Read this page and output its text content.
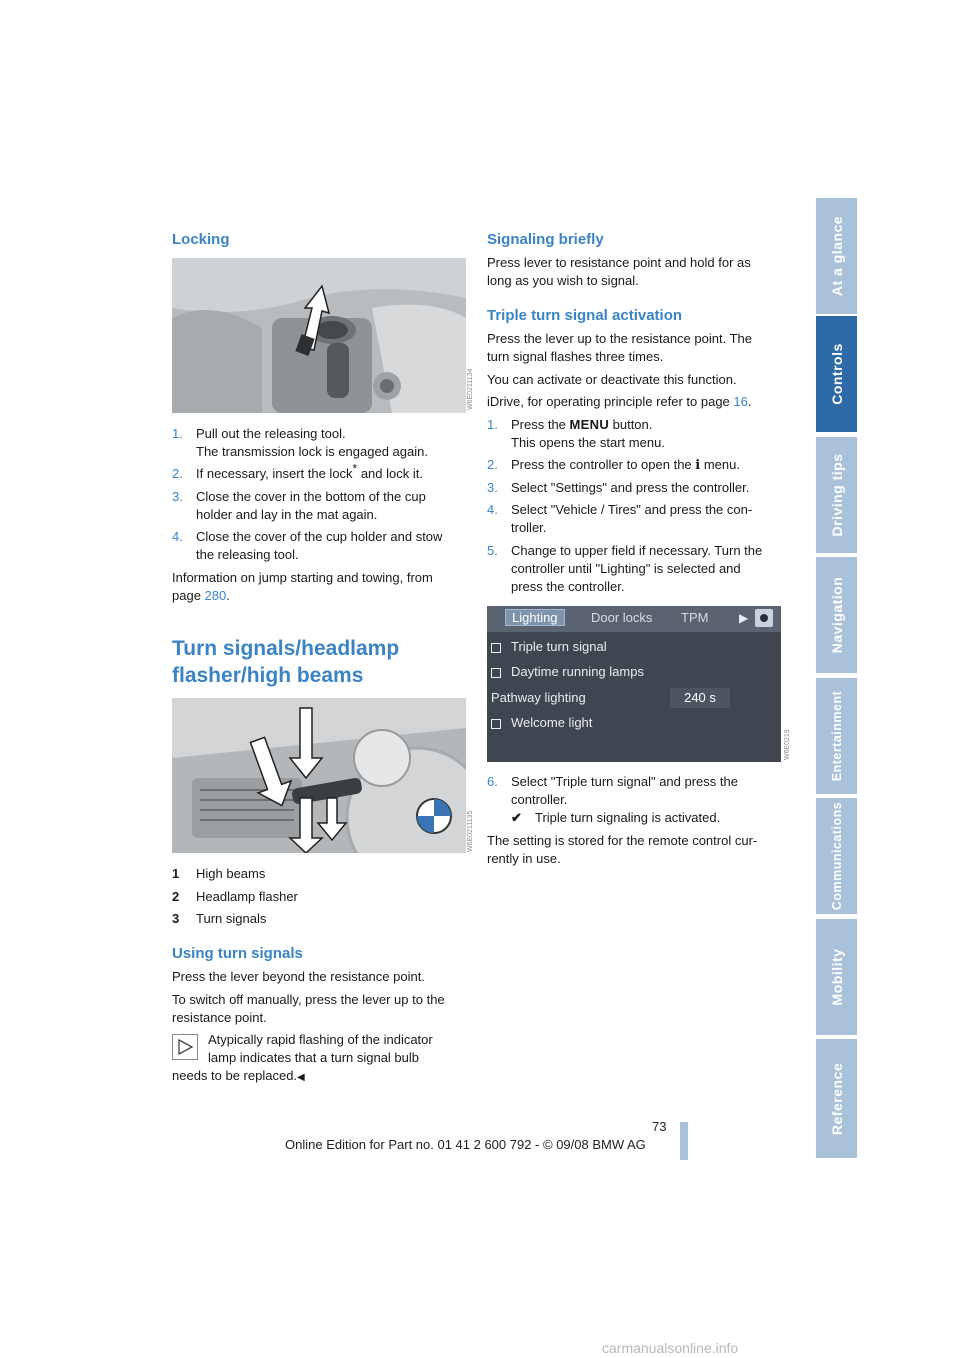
At a glance
Controls
Driving tips
Navigation
Entertainment
Communications
Mobility
Reference
Locking
W6E0211134
1. Pull out the releasing tool.
The transmission lock is engaged again.
2. If necessary, insert the lock* and lock it.
3. Close the cover in the bottom of the cup
holder and lay in the mat again.
4. Close the cover of the cup holder and stow
the releasing tool.

Information on jump starting and towing, from

page 280.

Turn signals/headlamp
flasher/high beams
W6E0211135
1 High beams
2 Headlamp flasher
3 Turn signals
Using turn signals

Press the lever beyond the resistance point.

To switch off manually, press the lever up to the

resistance point.

Atypically rapid flashing of the indicator

lamp indicates that a turn signal bulb

needs to be replaced.◀

Signaling briefly

Press lever to resistance point and hold for as

long as you wish to signal.

Triple turn signal activation

Press the lever up to the resistance point. The

turn signal flashes three times.

You can activate or deactivate this function.

iDrive, for operating principle refer to page 16.

1. Press the MENU button.
This opens the start menu.
2. Press the controller to open the i menu.
3. Select "Settings" and press the controller.
4. Select "Vehicle / Tires" and press the con-
troller.
5. Change to upper field if necessary. Turn the
controller until "Lighting" is selected and
press the controller.
Lighting	Door locks TPM	▶
Triple turn signal
Daytime running lamps
Pathway lighting	240 s
Welcome light
W6E0219
6. Select "Triple turn signal" and press the
controller.
✔ Triple turn signaling is activated.

The setting is stored for the remote control cur-

rently in use.

73
Online Edition for Part no. 01 41 2 600 792 - © 09/08 BMW AG
carmanualsonline.info
